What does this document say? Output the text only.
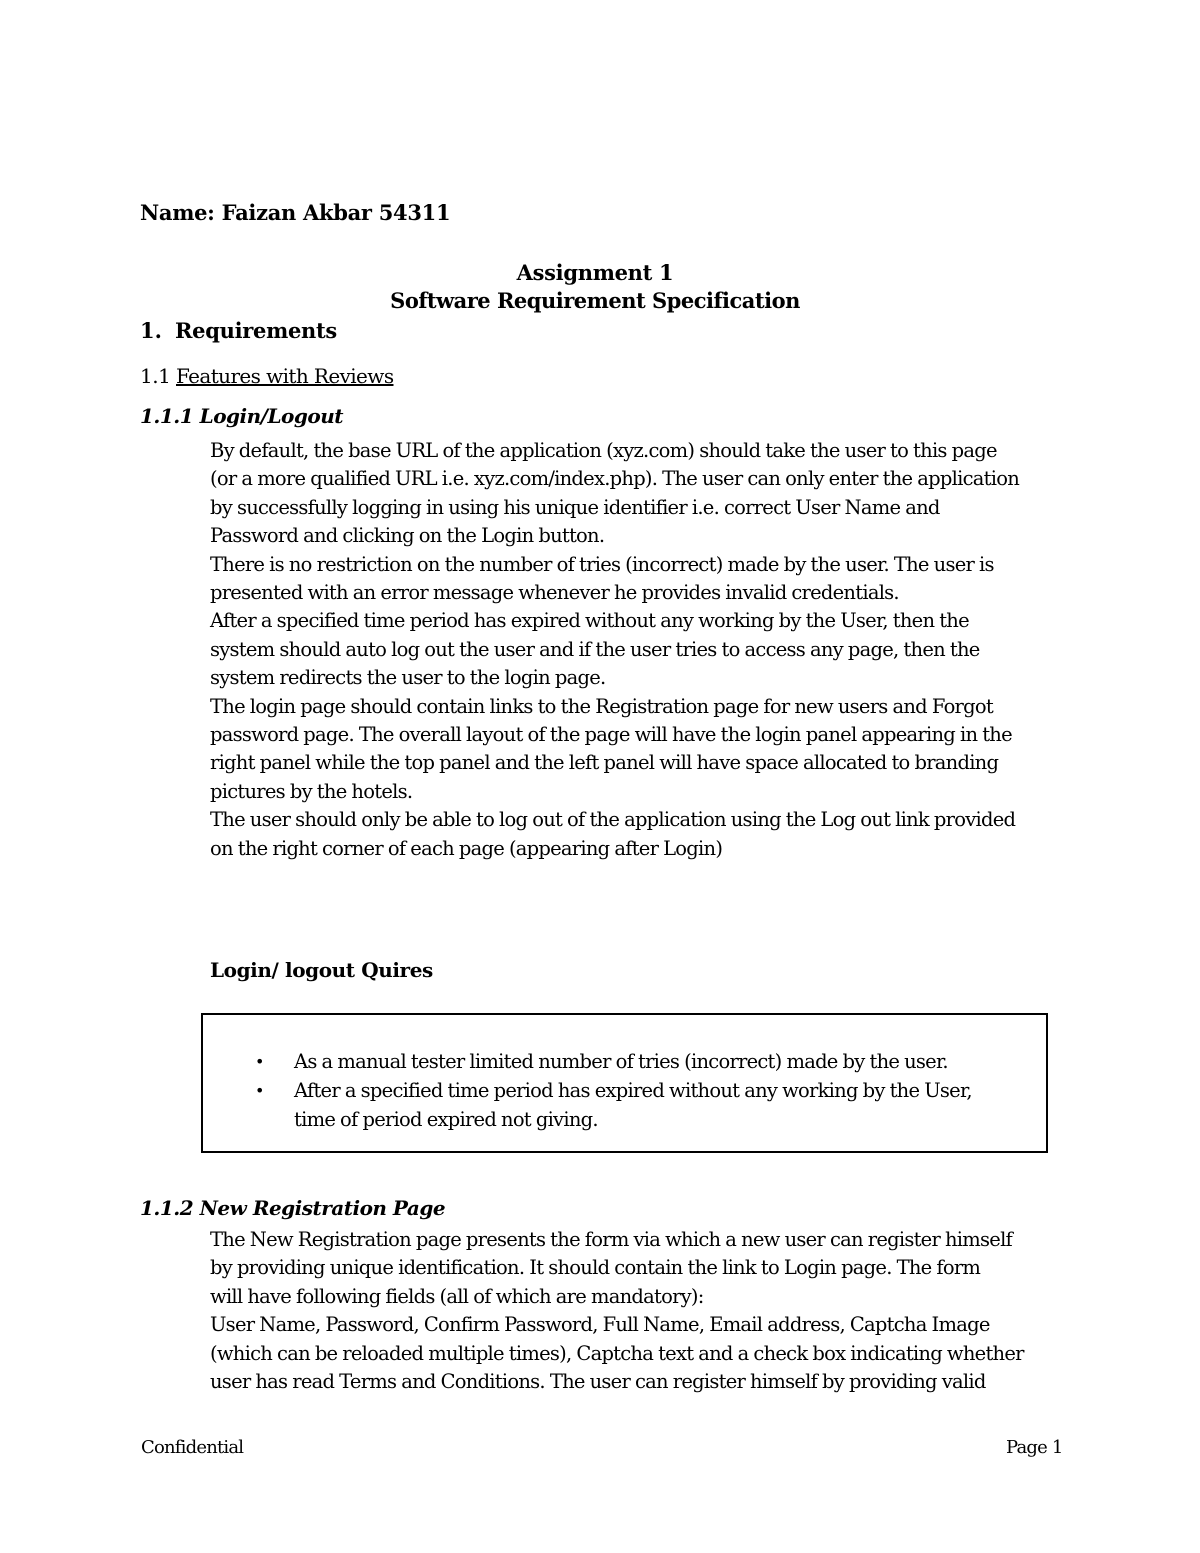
Name: Faizan Akbar 54311
Assignment 1
Software Requirement Specification
1. Requirements
1.1 Features with Reviews
1.1.1 Login/Logout

By default, the base URL of the application (xyz.com) should take the user to this page
(or a more qualified URL i.e. xyz.com/index.php). The user can only enter the application
by successfully logging in using his unique identifier i.e. correct User Name and
Password and clicking on the Login button.

There is no restriction on the number of tries (incorrect) made by the user. The user is
presented with an error message whenever he provides invalid credentials.

After a specified time period has expired without any working by the User, then the
system should auto log out the user and if the user tries to access any page, then the
system redirects the user to the login page.

The login page should contain links to the Registration page for new users and Forgot
password page. The overall layout of the page will have the login panel appearing in the
right panel while the top panel and the left panel will have space allocated to branding
pictures by the hotels.

The user should only be able to log out of the application using the Log out link provided
on the right corner of each page (appearing after Login)

Login/ logout Quires
• As a manual tester limited number of tries (incorrect) made by the user.
• After a specified time period has expired without any working by the User,
time of period expired not giving.
1.1.2 New Registration Page

The New Registration page presents the form via which a new user can register himself
by providing unique identification. It should contain the link to Login page. The form
will have following fields (all of which are mandatory):

User Name, Password, Confirm Password, Full Name, Email address, Captcha Image
(which can be reloaded multiple times), Captcha text and a check box indicating whether
user has read Terms and Conditions. The user can register himself by providing valid

Confidential	Page 1
